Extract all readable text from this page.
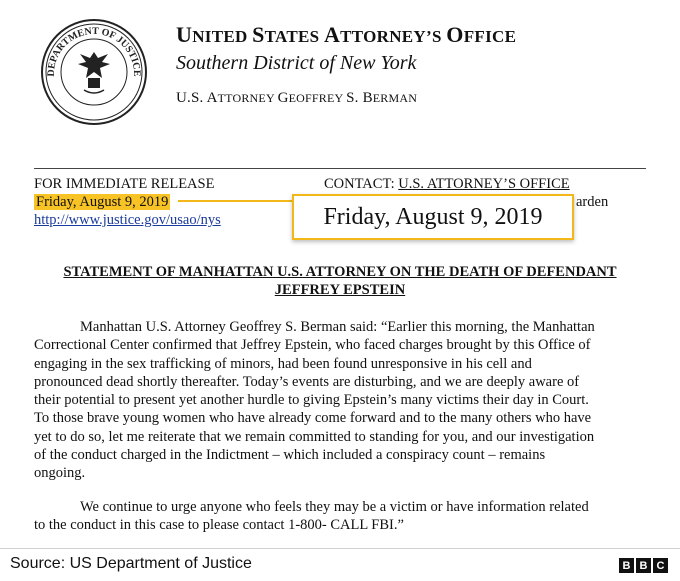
DEPARTMENT OF JUSTICE
UNITED STATES ATTORNEY’S OFFICE
Southern District of New York
U.S. ATTORNEY GEOFFREY S. BERMAN
FOR IMMEDIATE RELEASE
Friday, August 9, 2019
http://www.justice.gov/usao/nys
CONTACT: U.S. ATTORNEY’S OFFICE
arden
Friday, August 9, 2019
STATEMENT OF MANHATTAN U.S. ATTORNEY ON THE DEATH OF DEFENDANT
JEFFREY EPSTEIN
Manhattan U.S. Attorney Geoffrey S. Berman said: “Earlier this morning, the Manhattan
Correctional Center confirmed that Jeffrey Epstein, who faced charges brought by this Office of
engaging in the sex trafficking of minors, had been found unresponsive in his cell and
pronounced dead shortly thereafter. Today’s events are disturbing, and we are deeply aware of
their potential to present yet another hurdle to giving Epstein’s many victims their day in Court.
To those brave young women who have already come forward and to the many others who have
yet to do so, let me reiterate that we remain committed to standing for you, and our investigation
of the conduct charged in the Indictment – which included a conspiracy count – remains
ongoing.
We continue to urge anyone who feels they may be a victim or have information related
to the conduct in this case to please contact 1-800- CALL FBI.”
Source: US Department of Justice	B B C
